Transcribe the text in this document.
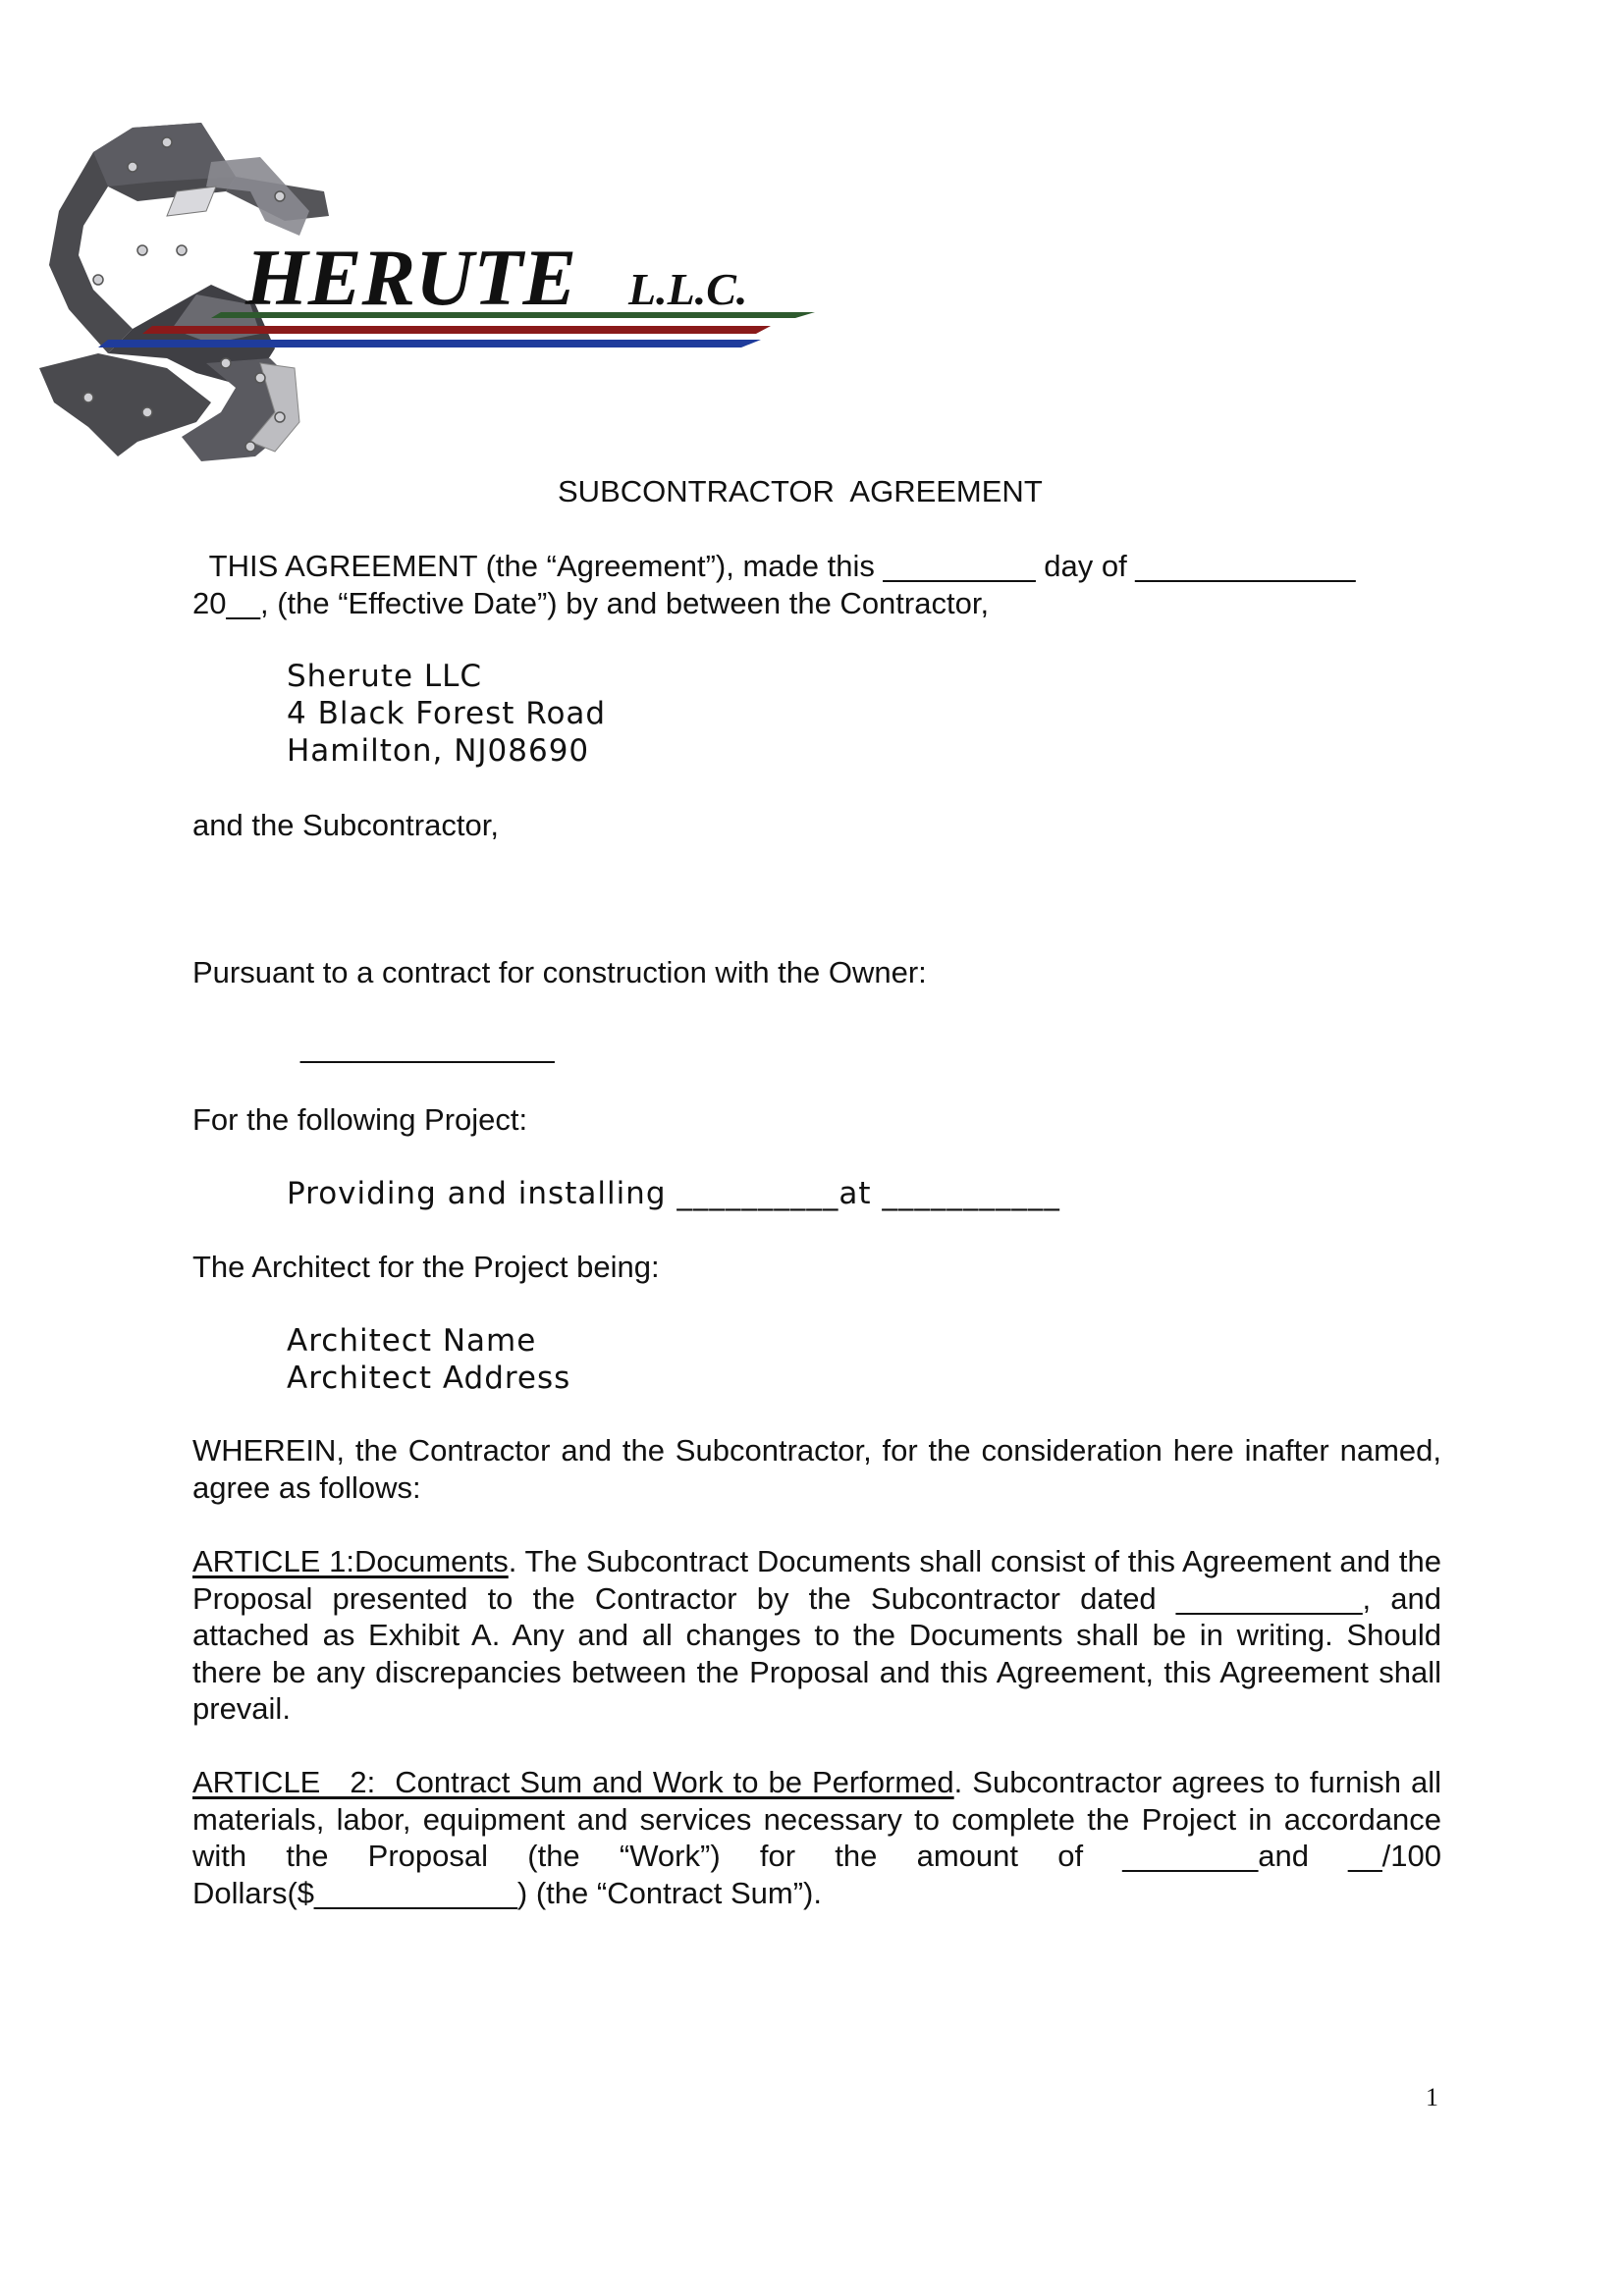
HERUTE L.L.C.
SUBCONTRACTOR  AGREEMENT
THIS AGREEMENT (the “Agreement”), made this _________ day of _____________
20__, (the “Effective Date”) by and between the Contractor,
Sherute LLC
4 Black Forest Road
Hamilton, NJ08690
and the Subcontractor,
Pursuant to a contract for construction with the Owner:
_______________
For the following Project:
Providing and installing __________at ___________
The Architect for the Project being:
Architect Name
Architect Address
WHEREIN, the Contractor and the Subcontractor, for the consideration here inafter named, agree as follows:
ARTICLE 1:Documents. The Subcontract Documents shall consist of this Agreement and the Proposal presented to the Contractor by the Subcontractor dated ___________, and attached as Exhibit A. Any and all changes to the Documents shall be in writing. Should there be any discrepancies between the Proposal and this Agreement, this Agreement shall prevail.
ARTICLE   2:  Contract Sum and Work to be Performed. Subcontractor agrees to furnish all materials, labor, equipment and services necessary to complete the Project in accordance with the Proposal (the “Work”) for the amount of ________and __/100 Dollars($____________) (the “Contract Sum”).
1
